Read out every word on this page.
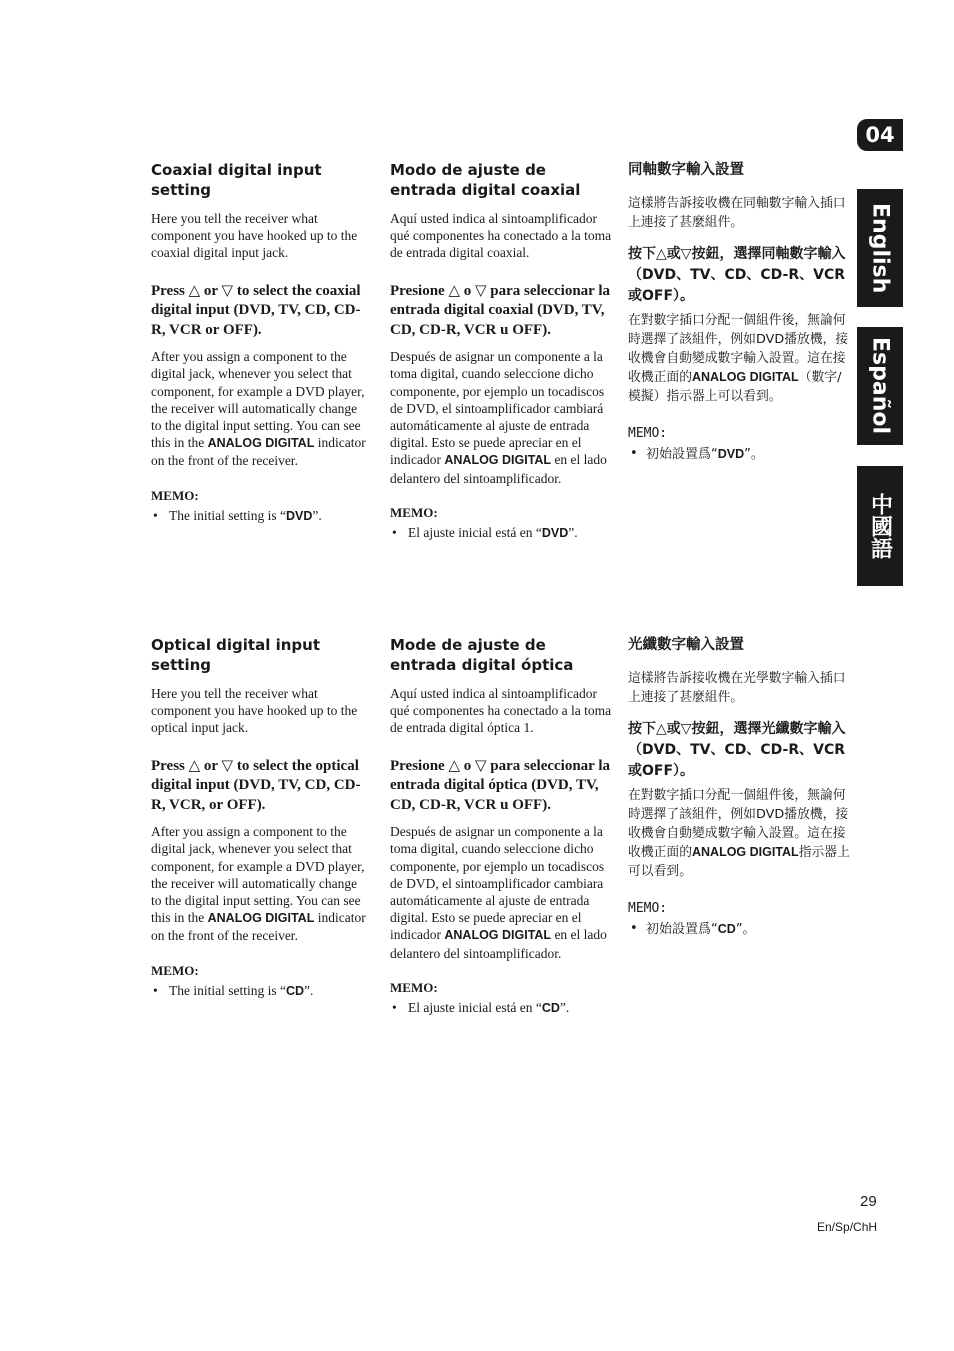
04
English
Español
中國語
Coaxial digital input setting

Here you tell the receiver what component you have hooked up to the coaxial digital input jack.

Press △ or ▽ to select the coaxial digital input (DVD, TV, CD, CD-R, VCR or OFF).

After you assign a component to the digital jack, whenever you select that component, for example a DVD player, the receiver will automatically change to the digital input setting. You can see this in the ANALOG DIGITAL indicator on the front of the receiver.

MEMO:

• The initial setting is “DVD”.

Modo de ajuste de entrada digital coaxial

Aquí usted indica al sintoamplificador qué componentes ha conectado a la toma de entrada digital coaxial.

Presione △ o ▽ para seleccionar la entrada digital coaxial (DVD, TV, CD, CD-R, VCR u OFF).

Después de asignar un componente a la toma digital, cuando seleccione dicho componente, por ejemplo un tocadiscos de DVD, el sintoamplificador cambiará automáticamente al ajuste de entrada digital. Esto se puede apreciar en el indicador ANALOG DIGITAL en el lado delantero del sintoamplificador.

MEMO:

• El ajuste inicial está en “DVD”.

同軸數字輸入設置

這樣將告訴接收機在同軸數字輸入插口上連接了甚麼組件。

按下△或▽按鈕，選擇同軸數字輸入（DVD、TV、CD、CD-R、VCR或OFF）。

在對數字插口分配一個組件後，無論何時選擇了該組件，例如DVD播放機，接收機會自動變成數字輸入設置。這在接收機正面的ANALOG DIGITAL（數字/模擬）指示器上可以看到。

MEMO:

• 初始設置爲“DVD”。

Optical digital input setting

Here you tell the receiver what component you have hooked up to the optical input jack.

Press △ or ▽ to select the optical digital input (DVD, TV, CD, CD-R, VCR, or OFF).

After you assign a component to the digital jack, whenever you select that component, for example a DVD player, the receiver will automatically change to the digital input setting. You can see this in the ANALOG DIGITAL indicator on the front of the receiver.

MEMO:

• The initial setting is “CD”.

Mode de ajuste de entrada digital óptica

Aquí usted indica al sintoamplificador qué componentes ha conectado a la toma de entrada digital óptica 1.

Presione △ o ▽ para seleccionar la entrada digital óptica (DVD, TV, CD, CD-R, VCR u OFF).

Después de asignar un componente a la toma digital, cuando seleccione dicho componente, por ejemplo un tocadiscos de DVD, el sintoamplificador cambiara automáticamente al ajuste de entrada digital. Esto se puede apreciar en el indicador ANALOG DIGITAL en el lado delantero del sintoamplificador.

MEMO:

• El ajuste inicial está en “CD”.

光纖數字輸入設置

這樣將告訴接收機在光學數字輸入插口上連接了甚麼組件。

按下△或▽按鈕，選擇光纖數字輸入（DVD、TV、CD、CD-R、VCR或OFF）。

在對數字插口分配一個組件後，無論何時選擇了該組件，例如DVD播放機，接收機會自動變成數字輸入設置。這在接收機正面的ANALOG DIGITAL指示器上可以看到。

MEMO:

• 初始設置爲“CD”。

29
En/Sp/ChH
